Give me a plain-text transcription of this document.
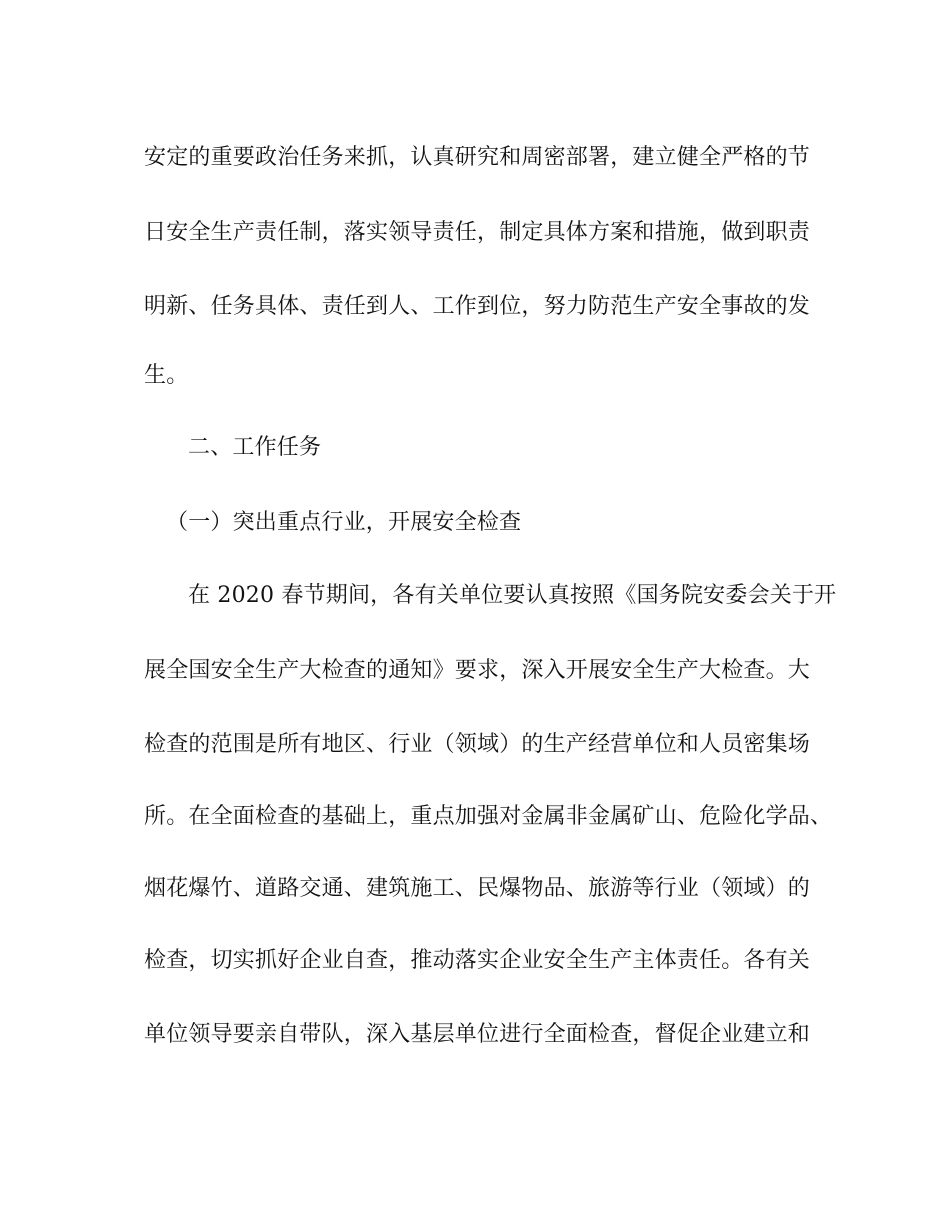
安定的重要政治任务来抓，认真研究和周密部署，建立健全严格的节
日安全生产责任制，落实领导责任，制定具体方案和措施，做到职责
明新、任务具体、责任到人、工作到位，努力防范生产安全事故的发
生。
二、工作任务
（一）突出重点行业，开展安全检查
在 2020 春节期间，各有关单位要认真按照《国务院安委会关于开
展全国安全生产大检查的通知》要求，深入开展安全生产大检查。大
检查的范围是所有地区、行业（领域）的生产经营单位和人员密集场
所。在全面检查的基础上，重点加强对金属非金属矿山、危险化学品、
烟花爆竹、道路交通、建筑施工、民爆物品、旅游等行业（领域）的
检查，切实抓好企业自查，推动落实企业安全生产主体责任。各有关
单位领导要亲自带队，深入基层单位进行全面检查，督促企业建立和
